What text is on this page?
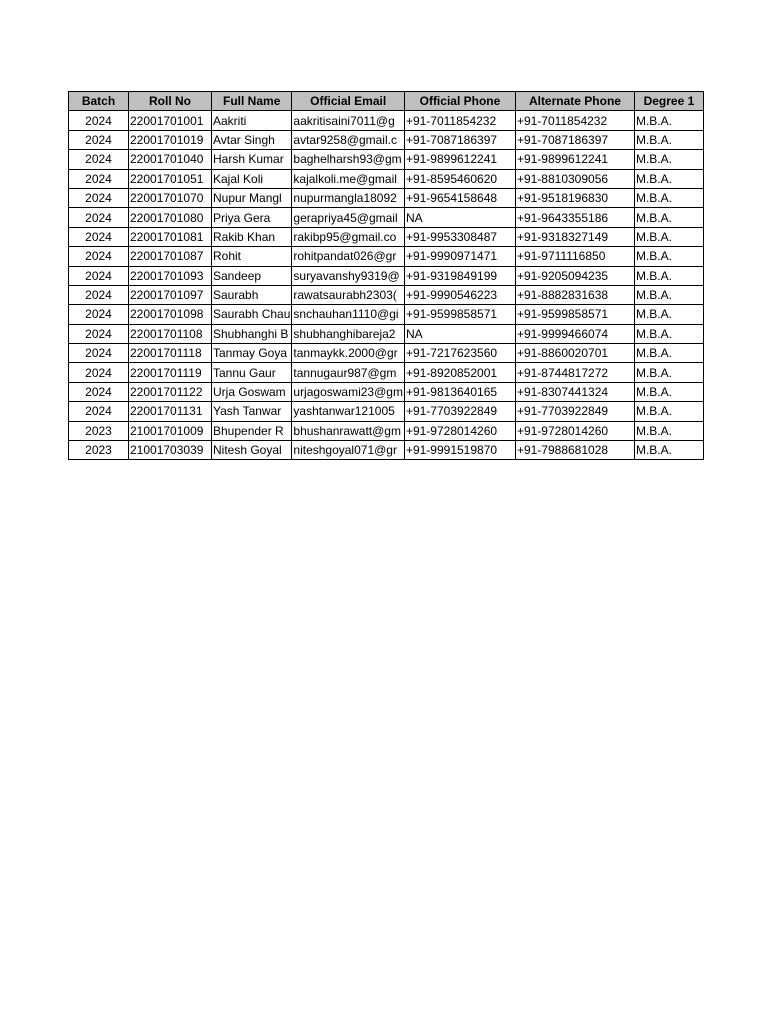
Batch	Roll No	Full Name	Official Email	Official Phone	Alternate Phone	Degree 1
2024	22001701001	Aakriti	aakritisaini7011@g	+91-7011854232	+91-7011854232	M.B.A.
2024	22001701019	Avtar Singh	avtar9258@gmail.c	+91-7087186397	+91-7087186397	M.B.A.
2024	22001701040	Harsh Kumar	baghelharsh93@gm	+91-9899612241	+91-9899612241	M.B.A.
2024	22001701051	Kajal Koli	kajalkoli.me@gmail	+91-8595460620	+91-8810309056	M.B.A.
2024	22001701070	Nupur Mangl	nupurmangla18092	+91-9654158648	+91-9518196830	M.B.A.
2024	22001701080	Priya Gera	gerapriya45@gmail	NA	+91-9643355186	M.B.A.
2024	22001701081	Rakib Khan	rakibp95@gmail.co	+91-9953308487	+91-9318327149	M.B.A.
2024	22001701087	Rohit	rohitpandat026@gr	+91-9990971471	+91-9711116850	M.B.A.
2024	22001701093	Sandeep	suryavanshy9319@	+91-9319849199	+91-9205094235	M.B.A.
2024	22001701097	Saurabh	rawatsaurabh2303(	+91-9990546223	+91-8882831638	M.B.A.
2024	22001701098	Saurabh Chau	snchauhan1110@gi	+91-9599858571	+91-9599858571	M.B.A.
2024	22001701108	Shubhanghi B	shubhanghibareja2	NA	+91-9999466074	M.B.A.
2024	22001701118	Tanmay Goya	tanmaykk.2000@gr	+91-7217623560	+91-8860020701	M.B.A.
2024	22001701119	Tannu Gaur	tannugaur987@gm	+91-8920852001	+91-8744817272	M.B.A.
2024	22001701122	Urja Goswam	urjagoswami23@gm	+91-9813640165	+91-8307441324	M.B.A.
2024	22001701131	Yash Tanwar	yashtanwar121005	+91-7703922849	+91-7703922849	M.B.A.
2023	21001701009	Bhupender R	bhushanrawatt@gm	+91-9728014260	+91-9728014260	M.B.A.
2023	21001703039	Nitesh Goyal	niteshgoyal071@gr	+91-9991519870	+91-7988681028	M.B.A.
